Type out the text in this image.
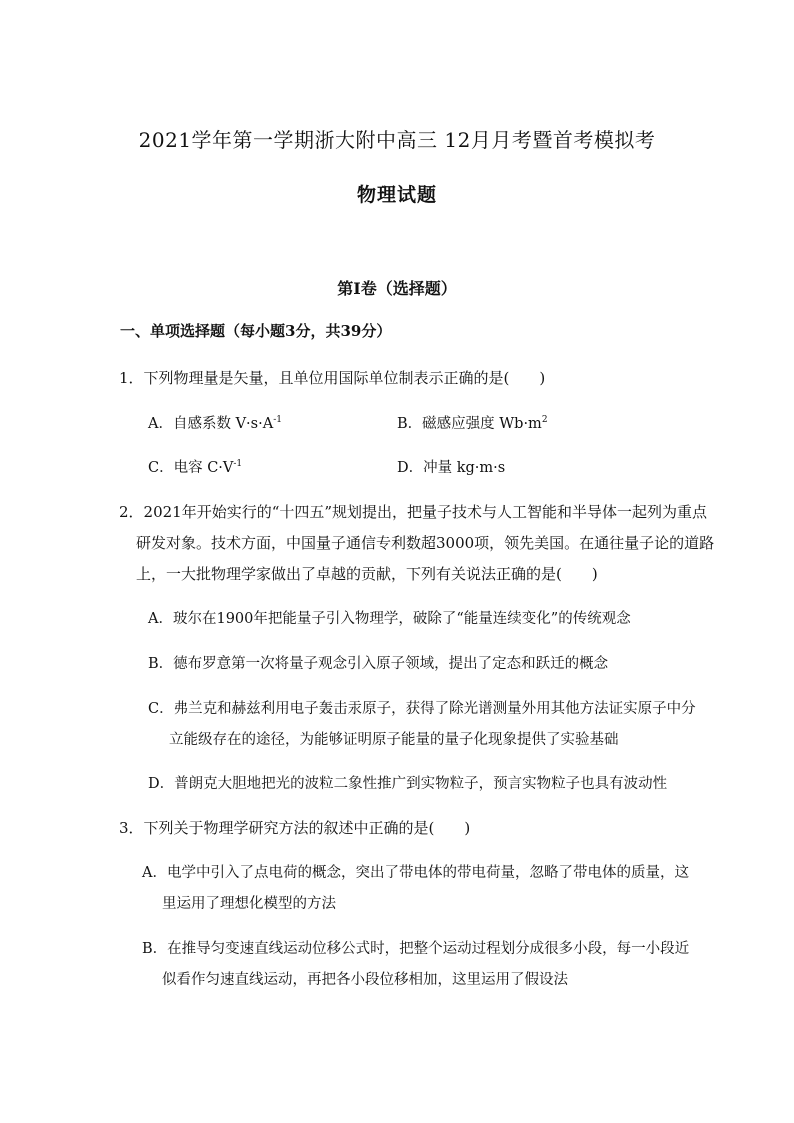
2021学年第一学期浙大附中高三 12月月考暨首考模拟考
物理试题
第I卷（选择题）
一、单项选择题（每小题3分，共39分）
1．下列物理量是矢量，且单位用国际单位制表示正确的是(　　)
A．自感系数 $V\cdot s\cdot A^{-1}$	B．磁感应强度 $Wb\cdot m^2$
C．电容 $C\cdot V^{-1}$	D．冲量 kg·m·s
2．2021年开始实行的“十四五”规划提出，把量子技术与人工智能和半导体一起列为重点
研发对象。技术方面，中国量子通信专利数超3000项，领先美国。在通往量子论的道路
上，一大批物理学家做出了卓越的贡献，下列有关说法正确的是(　　)
A．玻尔在1900年把能量子引入物理学，破除了“能量连续变化”的传统观念
B．德布罗意第一次将量子观念引入原子领域，提出了定态和跃迁的概念
C．弗兰克和赫兹利用电子轰击汞原子，获得了除光谱测量外用其他方法证实原子中分
立能级存在的途径，为能够证明原子能量的量子化现象提供了实验基础
D．普朗克大胆地把光的波粒二象性推广到实物粒子，预言实物粒子也具有波动性
3．下列关于物理学研究方法的叙述中正确的是(　　)
A．电学中引入了点电荷的概念，突出了带电体的带电荷量，忽略了带电体的质量，这
里运用了理想化模型的方法
B．在推导匀变速直线运动位移公式时，把整个运动过程划分成很多小段，每一小段近
似看作匀速直线运动，再把各小段位移相加，这里运用了假设法
